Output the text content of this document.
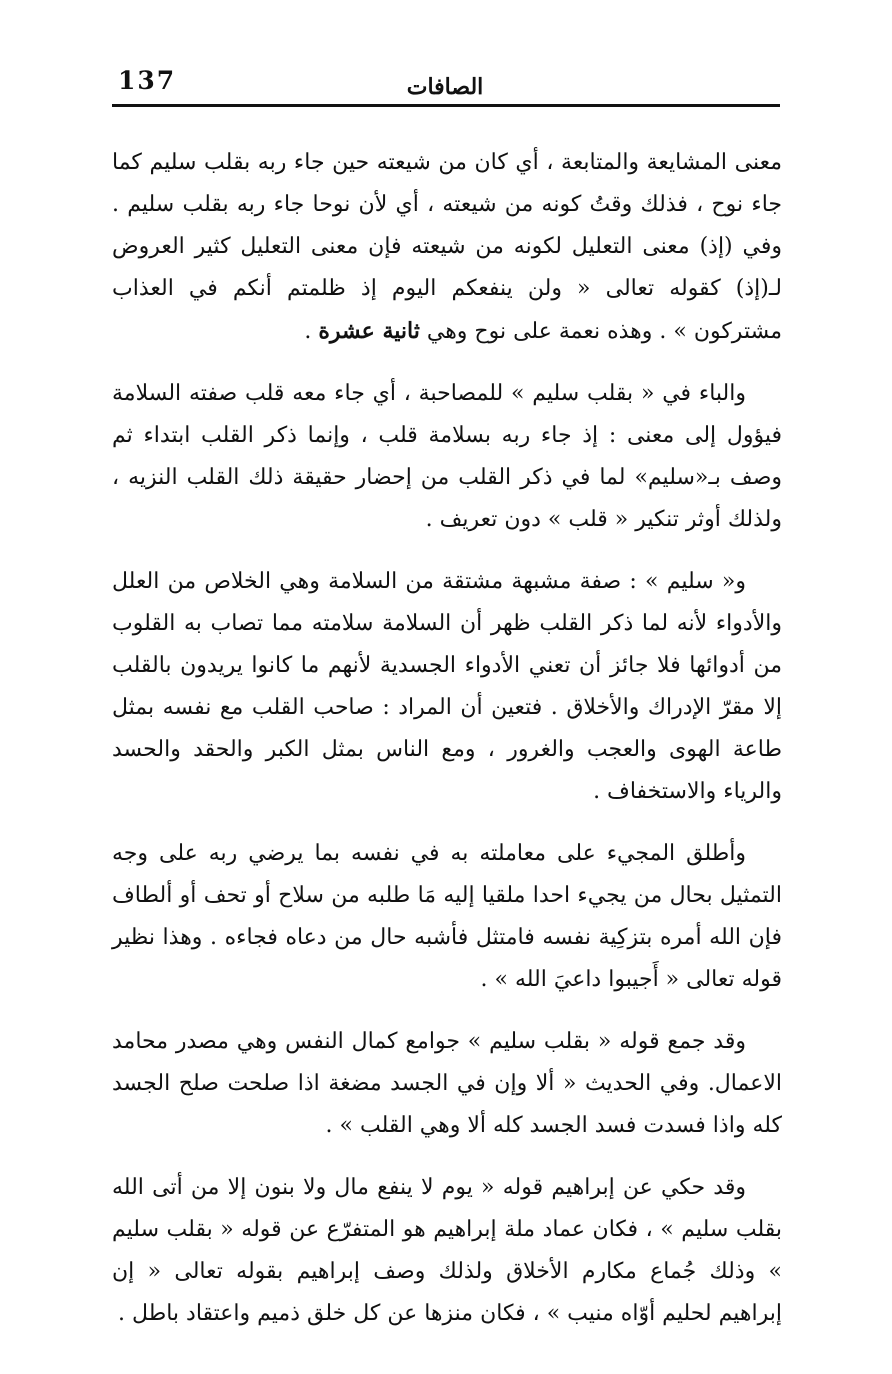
137	الصافات

معنى المشايعة والمتابعة ، أي كان من شيعته حين جاء ربه بقلب سليم كما جاء نوح ، فذلك وقتُ كونه من شيعته ، أي لأن نوحا جاء ربه بقلب سليم . وفي (إذ) معنى التعليل لكونه من شيعته فإن معنى التعليل كثير العروض لـ(إذ) كقوله تعالى « ولن ينفعكم اليوم إذ ظلمتم أنكم في العذاب مشتركون » . وهذه نعمة على نوح وهي ثانية عشرة .

والباء في « بقلب سليم » للمصاحبة ، أي جاء معه قلب صفته السلامة فيؤول إلى معنى : إذ جاء ربه بسلامة قلب ، وإنما ذكر القلب ابتداء ثم وصف بـ«سليم» لما في ذكر القلب من إحضار حقيقة ذلك القلب النزيه ، ولذلك أوثر تنكير « قلب » دون تعريف .

و« سليم » : صفة مشبهة مشتقة من السلامة وهي الخلاص من العلل والأدواء لأنه لما ذكر القلب ظهر أن السلامة سلامته مما تصاب به القلوب من أدوائها فلا جائز أن تعني الأدواء الجسدية لأنهم ما كانوا يريدون بالقلب إلا مقرّ الإدراك والأخلاق . فتعين أن المراد : صاحب القلب مع نفسه بمثل طاعة الهوى والعجب والغرور ، ومع الناس بمثل الكبر والحقد والحسد والرياء والاستخفاف .

وأطلق المجيء على معاملته به في نفسه بما يرضي ربه على وجه التمثيل بحال من يجيء احدا ملقيا إليه مَا طلبه من سلاح أو تحف أو ألطاف فإن الله أمره بتزكِية نفسه فامتثل فأشبه حال من دعاه فجاءه . وهذا نظير قوله تعالى « أَجيبوا داعيَ الله » .

وقد جمع قوله « بقلب سليم » جوامع كمال النفس وهي مصدر محامد الاعمال. وفي الحديث « ألا وإن في الجسد مضغة اذا صلحت صلح الجسد كله واذا فسدت فسد الجسد كله ألا وهي القلب » .

وقد حكي عن إبراهيم قوله « يوم لا ينفع مال ولا بنون إلا من أتى الله بقلب سليم » ، فكان عماد ملة إبراهيم هو المتفرّع عن قوله « بقلب سليم » وذلك جُماع مكارم الأخلاق ولذلك وصف إبراهيم بقوله تعالى « إن إبراهيم لحليم أوّاه منيب » ، فكان منزها عن كل خلق ذميم واعتقاد باطل .
